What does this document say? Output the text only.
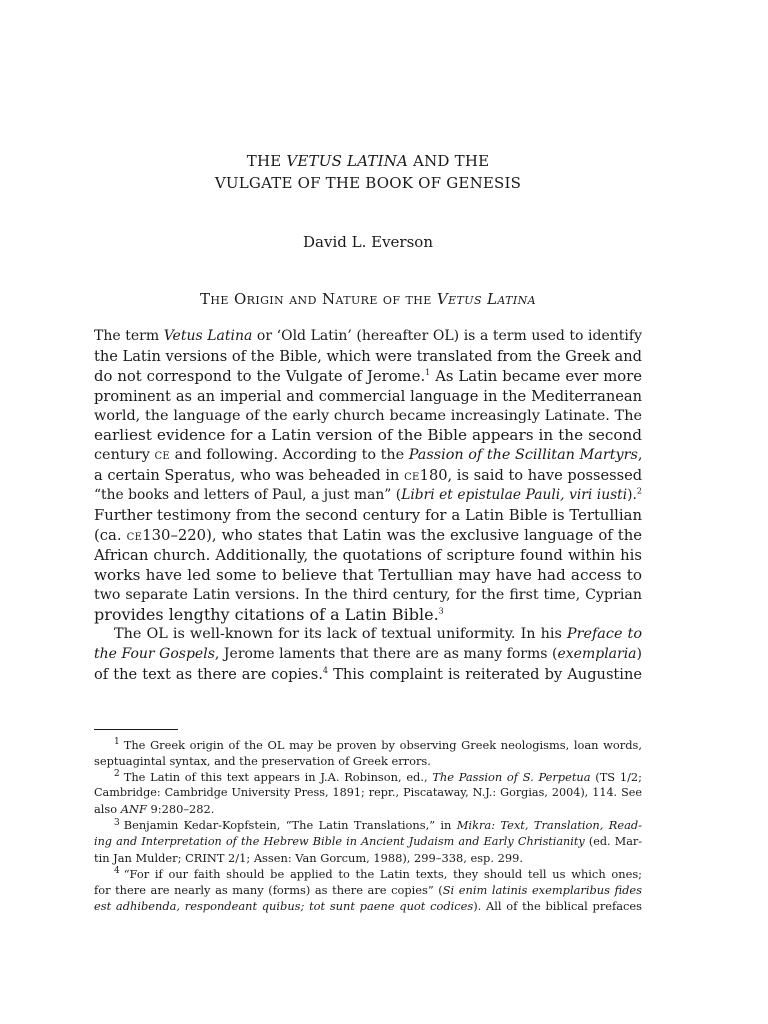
THE VETUS LATINA AND THE
VULGATE OF THE BOOK OF GENESIS
David L. Everson
The Origin and Nature of the Vetus Latina
The term Vetus Latina or ‘Old Latin’ (hereafter OL) is a term used to identify
the Latin versions of the Bible, which were translated from the Greek and
do not correspond to the Vulgate of Jerome.$^1$ As Latin became ever more
prominent as an imperial and commercial language in the Mediterranean
world, the language of the early church became increasingly Latinate. The
earliest evidence for a Latin version of the Bible appears in the second
century ce and following. According to the Passion of the Scillitan Martyrs,
a certain Speratus, who was beheaded in ce180, is said to have possessed
“the books and letters of Paul, a just man” (Libri et epistulae Pauli, viri iusti).$^2$
Further testimony from the second century for a Latin Bible is Tertullian
(ca. ce130–220), who states that Latin was the exclusive language of the
African church. Additionally, the quotations of scripture found within his
works have led some to believe that Tertullian may have had access to
two separate Latin versions. In the third century, for the first time, Cyprian
provides lengthy citations of a Latin Bible.$^3$
The OL is well-known for its lack of textual uniformity. In his Preface to
the Four Gospels, Jerome laments that there are as many forms (exemplaria)
of the text as there are copies.$^4$ This complaint is reiterated by Augustine
$^1$ The Greek origin of the OL may be proven by observing Greek neologisms, loan words,
septuagintal syntax, and the preservation of Greek errors.
$^2$ The Latin of this text appears in J.A. Robinson, ed., The Passion of S. Perpetua (TS 1/2;
Cambridge: Cambridge University Press, 1891; repr., Piscataway, N.J.: Gorgias, 2004), 114. See
also ANF 9:280–282.
$^3$ Benjamin Kedar-Kopfstein, “The Latin Translations,” in Mikra: Text, Translation, Read-
ing and Interpretation of the Hebrew Bible in Ancient Judaism and Early Christianity (ed. Mar-
tin Jan Mulder; CRINT 2/1; Assen: Van Gorcum, 1988), 299–338, esp. 299.
$^4$ “For if our faith should be applied to the Latin texts, they should tell us which ones;
for there are nearly as many (forms) as there are copies” (Si enim latinis exemplaribus fides
est adhibenda, respondeant quibus; tot sunt paene quot codices). All of the biblical prefaces
